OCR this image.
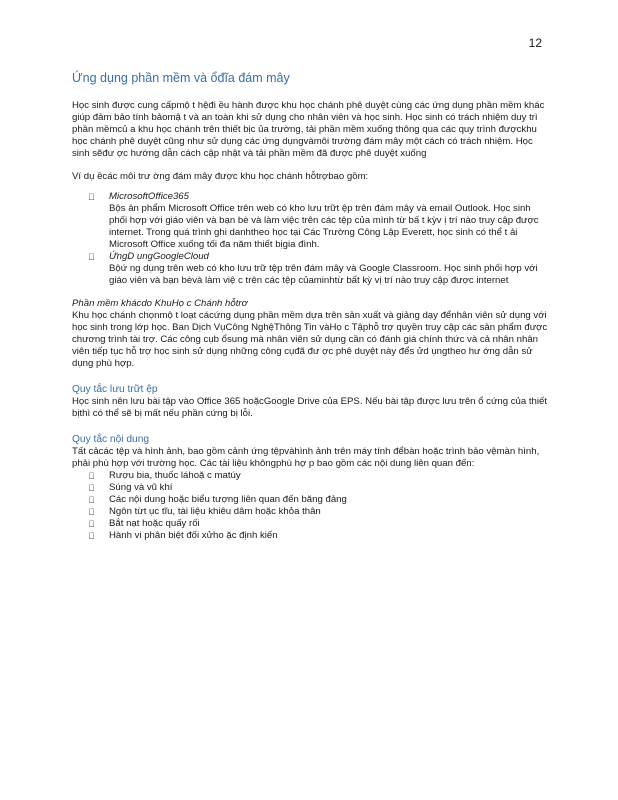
12
Ứng dụng phần mềm và ổđĩa đám mây

Học sinh được cung cấpmộ t hệđi ều hành được khu học chánh phê duyệt cùng các ứng dụng phần mềm khác giúp đảm bảo tính bảomậ t và an toàn khi sử dụng cho nhân viên và học sinh. Học sinh có trách nhiệm duy trì phần mềmcủ a khu học chánh trên thiết bịc ủa trường, tải phần mềm xuống thông qua các quy trình đượckhu học chánh phê duyệt cũng như sử dụng các ứng dụngvàmôi trường đám mây một cách có trách nhiệm. Học sinh sẽđư ợc hướng dẫn cách cập nhật và tải phần mềm đã được phê duyệt xuống

Ví dụ ềcác môi trư ờng đám mây được khu học chánh hỗtrợbao gồm:

MicrosoftOffice365
Bộs ản phẩm Microsoft Office trên web có kho lưu trữt ệp trên đám mây và email Outlook. Học sinh phối hợp với giáo viên và bạn bè và làm việc trên các tệp của mình từ bấ t kỳv ị trí nào truy cập được internet. Trong quá trình ghi danhtheo học tại Các Trường Công Lập Everett, học sinh có thể t ải Microsoft Office xuống tối đa năm thiết bịgia đình.
ỨngD ụngGoogleCloud
Bộứ ng dụng trên web có kho lưu trữ tệp trên đám mây và Google Classroom. Học sinh phối hợp với giáo viên và bạn bèvà làm việ c trên các tệp củaminhtừ bất kỳ vị trí nào truy cập được internet

Phần mềm khácdo KhuHọ c Chánh hỗtrơ

Khu học chánh chọnmộ t loạt cácứng dụng phần mềm dựa trên sản xuất và giảng dạy đểnhân viên sử dụng với học sinh trong lớp học. Ban Dịch VụCông NghệThông Tin vàHọ c Tậphỗ trợ quyền truy cập các sản phẩm được chương trình tài trợ. Các công cụb ổsung mà nhân viên sử dụng cần có đánh giá chính thức và cả nhân nhân viên tiếp tục hỗ trợ học sinh sử dụng những công cụđã đư ợc phê duyệt này đểs ửd ụngtheo hư ớng dẫn sử dụng phù hợp.

Quy tắc lưu trữt ệp

Học sinh nên lưu bài tập vào Office 365 hoặcGoogle Drive của EPS. Nếu bài tập được lưu trên ổ cứng của thiết bịthì có thể sẽ bị mất nếu phần cứng bị lỗi.

Quy tắc nội dung

Tất cảcác tệp và hình ảnh, bao gồm cảnh ứng tệpvàhình ảnh trên máy tính đểbàn hoặc trình bảo vệmàn hình, phải phù hợp với trường học. Các tài liệu khôngphù hợ p bao gồm các nội dung liên quan đến:

Rượu bia, thuốc láhoặ c matúy
Súng và vũ khí
Các nội dung hoặc biểu tượng liên quan đến băng đảng
Ngôn từt ục tĩu, tài liệu khiêu dâm hoặc khỏa thân
Bắt nạt hoặc quấy rối
Hành vi phân biệt đối xửho ặc định kiến
